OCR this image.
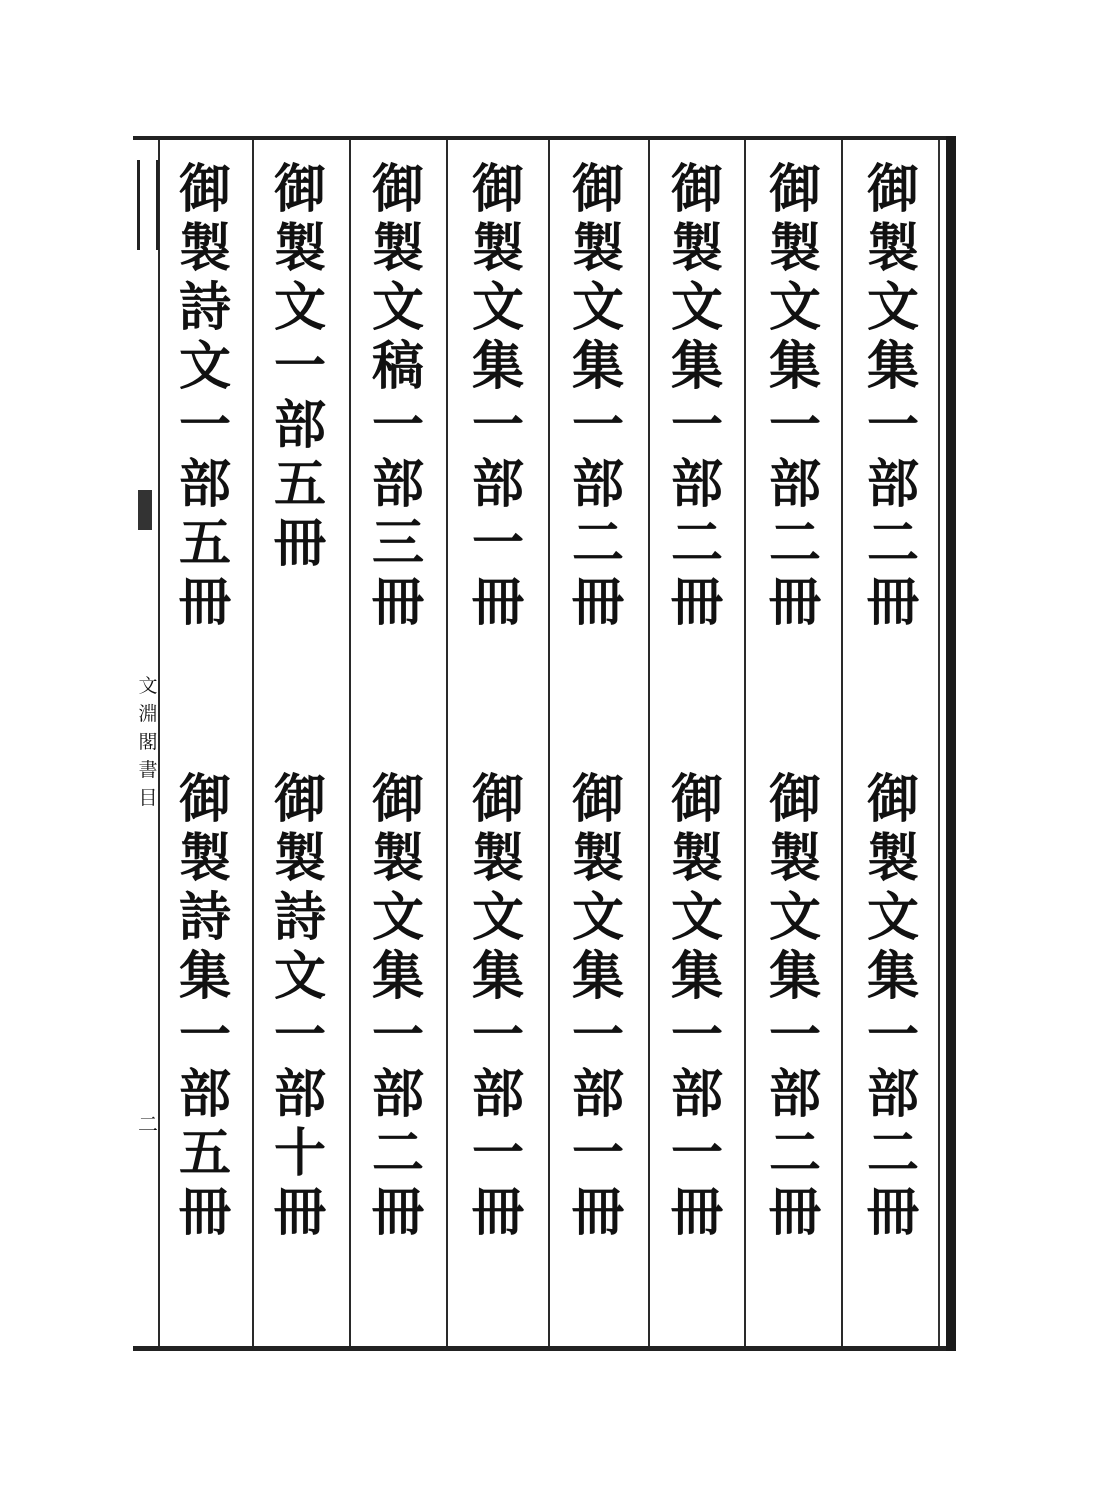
文
淵
閣
書
目
二
御
製
文
集
一
部
二
冊
御
製
文
集
一
部
二
冊
御
製
文
集
一
部
二
冊
御
製
文
集
一
部
二
冊
御
製
文
集
一
部
二
冊
御
製
文
集
一
部
一
冊
御
製
文
集
一
部
二
冊
御
製
文
集
一
部
一
冊
御
製
文
集
一
部
一
冊
御
製
文
集
一
部
一
冊
御
製
文
稿
一
部
三
冊
御
製
文
集
一
部
二
冊
御
製
文
一
部
五
冊
御
製
詩
文
一
部
十
冊
御
製
詩
文
一
部
五
冊
御
製
詩
集
一
部
五
冊
